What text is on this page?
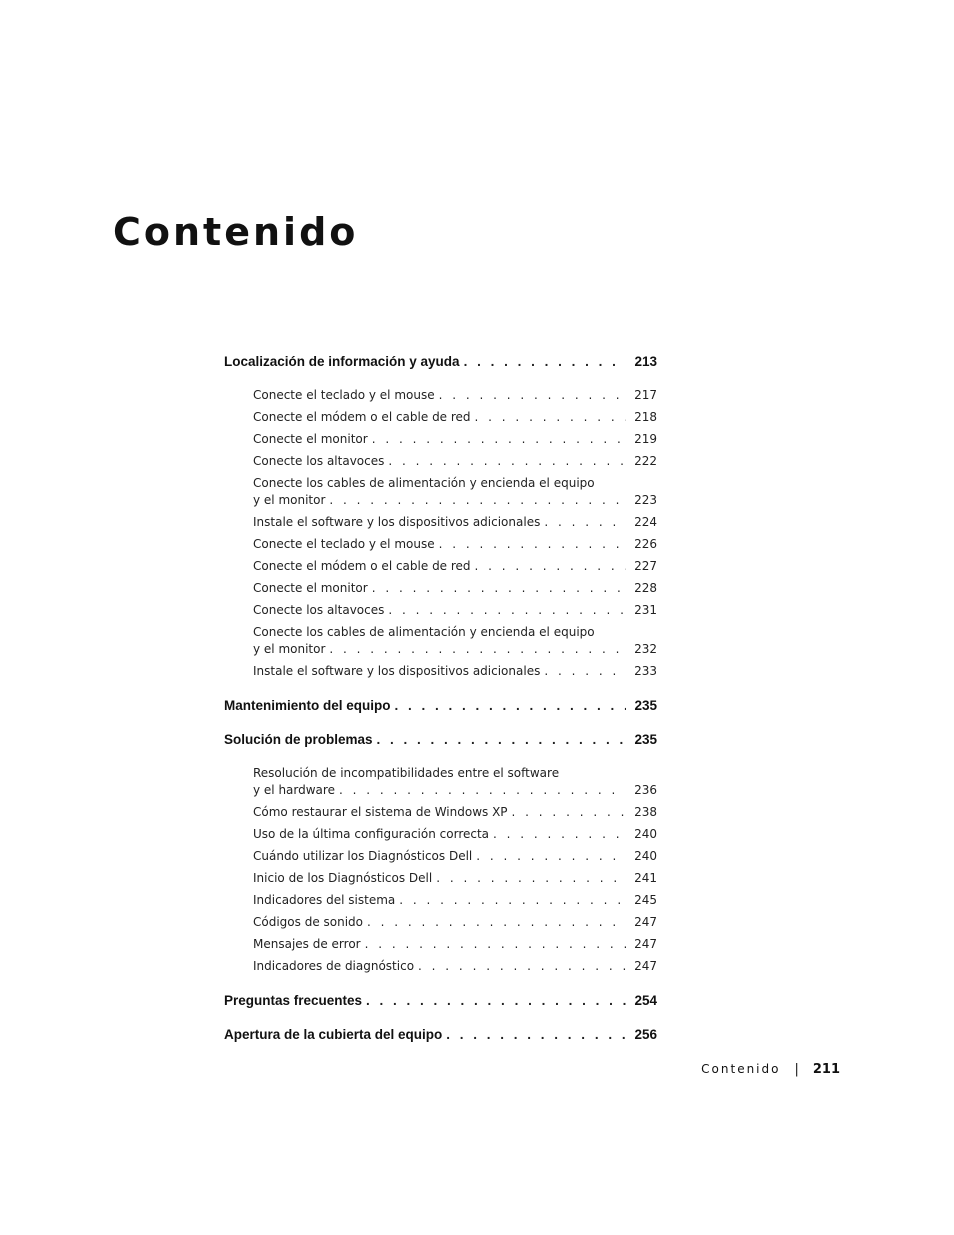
Contenido
Localización de información y ayuda . . .	213
Conecte el teclado y el mouse . . .	217
Conecte el módem o el cable de red . . .	218
Conecte el monitor . . .	219
Conecte los altavoces . . .	222
Conecte los cables de alimentación y encienda el equipo
y el monitor . . .	223
Instale el software y los dispositivos adicionales . . .	224
Conecte el teclado y el mouse . . .	226
Conecte el módem o el cable de red . . .	227
Conecte el monitor . . .	228
Conecte los altavoces . . .	231
Conecte los cables de alimentación y encienda el equipo
y el monitor . . .	232
Instale el software y los dispositivos adicionales . . .	233
Mantenimiento del equipo . . .	235
Solución de problemas . . .	235
Resolución de incompatibilidades entre el software
y el hardware . . .	236
Cómo restaurar el sistema de Windows XP . . .	238
Uso de la última configuración correcta . . .	240
Cuándo utilizar los Diagnósticos Dell . . .	240
Inicio de los Diagnósticos Dell . . .	241
Indicadores del sistema . . .	245
Códigos de sonido . . .	247
Mensajes de error . . .	247
Indicadores de diagnóstico . . .	247
Preguntas frecuentes . . .	254
Apertura de la cubierta del equipo . . .	256
Contenido | 211
